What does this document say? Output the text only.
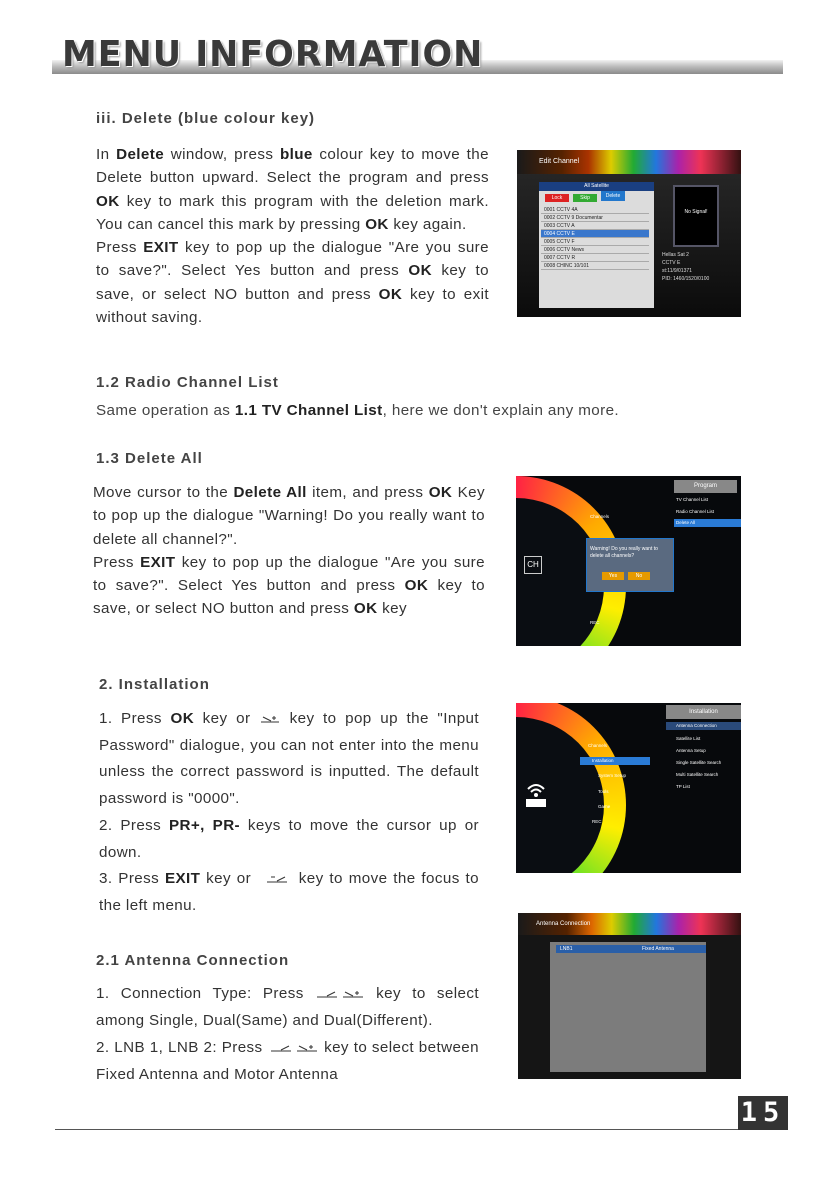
MENU INFORMATION
iii. Delete (blue colour key)

In Delete window, press blue colour key to move the Delete button upward. Select the program and press OK key to mark this program with the deletion mark. You can cancel this mark by pressing OK key again.

Press EXIT key to pop up the dialogue "Are you sure to save?". Select Yes button and press OK key to save, or select NO button and press OK key to exit without saving.

Edit Channel
All Satellite
Lock	Skip	Delete
0001 CCTV 4A
0002 CCTV 9 Documentar
0003 CCTV A
0004 CCTV E
0005 CCTV F
0006 CCTV News
0007 CCTV R
0008 CHINC 10/101
No Signal!
Hellas Sat 2
CCTV E
st:11/9/01371
PID: 1460/1520/0100
1.2 Radio Channel List
Same operation as 1.1 TV Channel List, here we don't explain any more.
1.3 Delete All

Move cursor to the Delete All item, and press OK Key to pop up the dialogue "Warning! Do you really want to delete all channel?".

Press EXIT key to pop up the dialogue "Are you sure to save?". Select Yes button and press OK key to save, or select NO button and press OK key

Program
TV Channel List
Radio Channel List
Delete All
Channels
REC
CH
Warning! Do you really want to delete all channels?
Yes	No
2. Installation

1. Press OK key or  key to pop up the "Input Password" dialogue, you can not enter into the menu unless the correct password is inputted. The default password is "0000".

2. Press PR+, PR- keys to move the cursor up or down.

3. Press EXIT key or  key to move the focus to the left menu.

Installation
Antenna Connection
Satellite List
Antenna Setup
Single Satellite Search
Multi Satellite Search
TP List
Channels
Installation
System Setup
Tools
Game
REC
2.1 Antenna Connection

1. Connection Type: Press	key to select among Single, Dual(Same) and Dual(Different).

2. LNB 1, LNB 2: Press	key to select between Fixed Antenna and Motor Antenna

Antenna Connection
LNB1	Fixed Antenna
15
